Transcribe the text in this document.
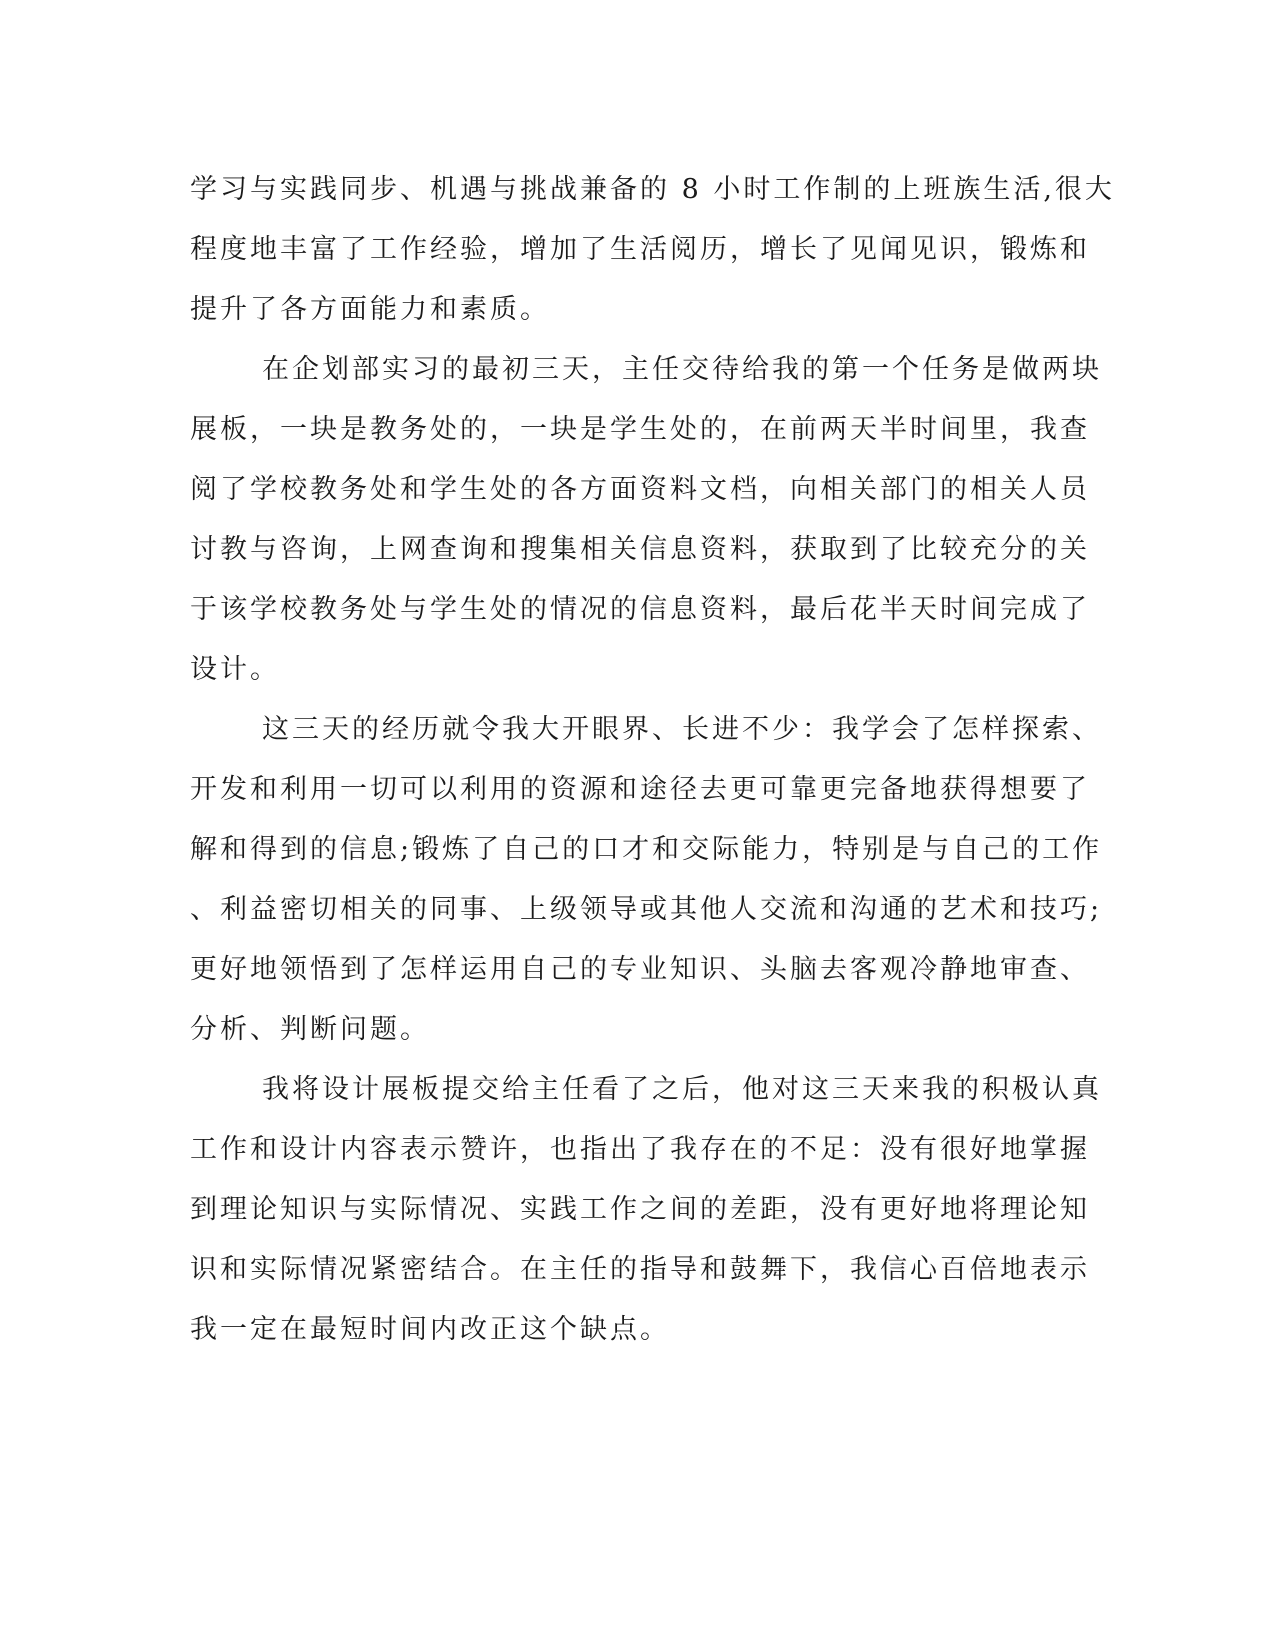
学习与实践同步、机遇与挑战兼备的 8 小时工作制的上班族生活,很大
程度地丰富了工作经验，增加了生活阅历，增长了见闻见识，锻炼和
提升了各方面能力和素质。
在企划部实习的最初三天，主任交待给我的第一个任务是做两块
展板，一块是教务处的，一块是学生处的，在前两天半时间里，我查
阅了学校教务处和学生处的各方面资料文档，向相关部门的相关人员
讨教与咨询，上网查询和搜集相关信息资料，获取到了比较充分的关
于该学校教务处与学生处的情况的信息资料，最后花半天时间完成了
设计。
这三天的经历就令我大开眼界、长进不少：我学会了怎样探索、
开发和利用一切可以利用的资源和途径去更可靠更完备地获得想要了
解和得到的信息;锻炼了自己的口才和交际能力，特别是与自己的工作
、利益密切相关的同事、上级领导或其他人交流和沟通的艺术和技巧;
更好地领悟到了怎样运用自己的专业知识、头脑去客观冷静地审查、
分析、判断问题。
我将设计展板提交给主任看了之后，他对这三天来我的积极认真
工作和设计内容表示赞许，也指出了我存在的不足：没有很好地掌握
到理论知识与实际情况、实践工作之间的差距，没有更好地将理论知
识和实际情况紧密结合。在主任的指导和鼓舞下，我信心百倍地表示
我一定在最短时间内改正这个缺点。
